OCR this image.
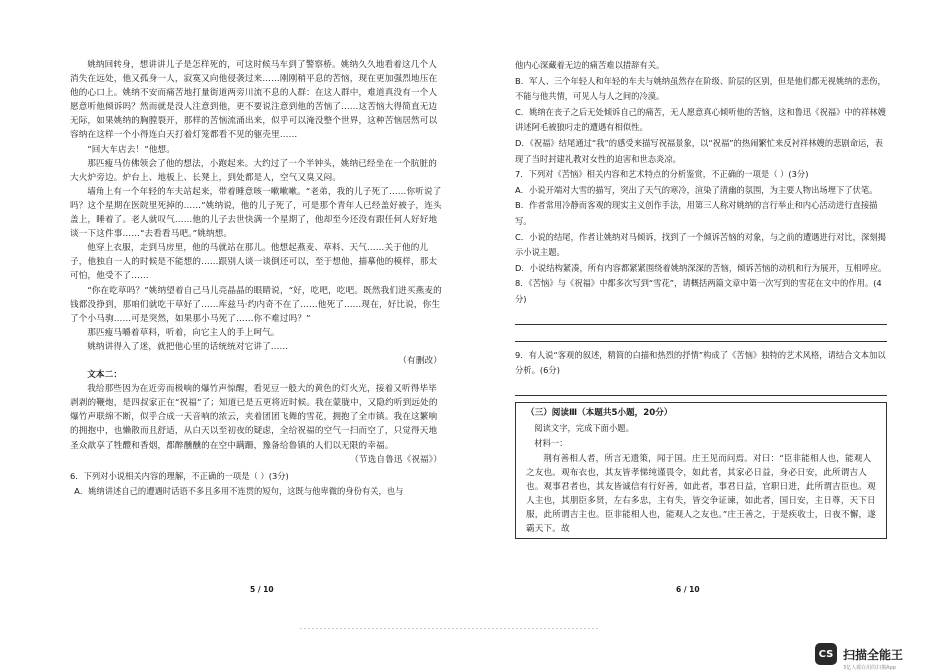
姚纳回转身，想讲讲儿子是怎样死的，可这时候马车到了警察桥。姚纳久久地看着这几个人消失在远处，他又孤身一人，寂寞又向他侵袭过来……刚刚稍平息的苦恼，现在更加强烈地压在他的心口上。姚纳不安而痛苦地打量街道两旁川流不息的人群：在这人群中，难道真没有一个人愿意听他倾诉吗？然而就是没人注意到他，更不要说注意到他的苦恼了……这苦恼大得简直无边无际，如果姚纳的胸膛裂开，那样的苦恼流涌出来，似乎可以淹没整个世界，这种苦恼居然可以容纳在这样一个小得连白天打着灯笼都看不见的躯壳里……

“回大车店去！”他想。

那匹瘦马仿佛领会了他的想法，小跑起来。大约过了一个半钟头，姚纳已经坐在一个肮脏的大火炉旁边。炉台上、地板上、长凳上，到处都是人，空气又臭又闷。

墙角上有一个年轻的车夫站起来，带着睡意咳一嗽嗽嗽。“老弟，我的儿子死了……你听说了吗？这个星期在医院里死掉的……”姚纳说，他的儿子死了，可是那个青年人已经盖好被子，连头盖上，睡着了。老人就叹气……他的儿子去世快满一个星期了，他却至今还没有跟任何人好好地谈一下这件事……“去看看马吧。”姚纳想。

他穿上衣服，走到马房里，他的马就站在那儿。他想起燕麦、草料、天气……关于他的儿子，他独自一人的时候是不能想的……跟别人谈一谈倒还可以，至于想他，描摹他的模样，那太可怕，他受不了……

“你在吃草吗？”姚纳望着自己马儿亮晶晶的眼睛说，“好，吃吧，吃吧。既然我们进买燕麦的钱都没挣到，那咱们就吃干草好了……库兹马·约内奇不在了……他死了……现在，好比说，你生了个小马驹……可是突然，如果那小马死了……你不难过吗？”

那匹瘦马嚼着草料，听着，向它主人的手上呵气。

姚纳讲得入了迷，就把他心里的话统统对它讲了……

（有删改）

文本二：

我给那些因为在近旁而极响的爆竹声惊醒，看见豆一般大的黄色的灯火光，接着又听得毕毕剥剥的鞭炮，是四叔家正在“祝福”了；知道已是五更将近时候。我在蒙胧中，又隐约听到远处的爆竹声联绵不断，似乎合成一天音响的浓云，夹着团团飞舞的雪花，拥抱了全市镇。我在这繁响的拥抱中，也懒散而且舒适，从白天以至初夜的疑虑，全给祝福的空气一扫而空了，只觉得天地圣众歆享了牲醴和香烟，都醉醺醺的在空中蹒跚，豫备给鲁镇的人们以无限的幸福。

（节选自鲁迅《祝福》）

6．下列对小说相关内容的理解，不正确的一项是（ ）(3分)

A．姚纳讲述自己的遭遇时话语不多且多用不连贯的短句，这既与他卑微的身份有关，也与

5 / 10

他内心深藏着无边的痛苦难以措辞有关。

B．军人、三个年轻人和年轻的车夫与姚纳虽然存在阶级、阶层的区别，但是他们都无视姚纳的悲伤，不能与他共情，可见人与人之间的冷漠。

C．姚纳在丧子之后无处倾诉自己的痛苦，无人愿意真心倾听他的苦恼，这和鲁迅《祝福》中的祥林嫂讲述阿毛被狼叼走的遭遇有相似性。

D．《祝福》结尾通过“我”的感受来描写祝福景象，以“祝福”的热闹繁忙来反衬祥林嫂的悲剧命运，表现了当时封建礼教对女性的迫害和世态炎凉。

7．下列对《苦恼》相关内容和艺术特点的分析鉴赏，不正确的一项是（ ）(3分)

A．小说开端对大雪的描写，突出了天气的寒冷，渲染了清幽的氛围，为主要人物出场埋下了伏笔。

B．作者常用冷静而客观的现实主义创作手法，用第三人称对姚纳的言行举止和内心活动进行直接描写。

C．小说的结尾，作者让姚纳对马倾诉，找到了一个倾诉苦恼的对象，与之前的遭遇进行对比，深刻揭示小说主题。

D．小说结构紧凑，所有内容都紧紧围绕着姚纳深深的苦恼，倾诉苦恼的动机和行为展开，互相呼应。

8．《苦恼》与《祝福》中都多次写到“雪花”，请概括两篇文章中第一次写到的雪花在文中的作用。(4分)

9．有人说“客观的叙述，精简的白描和热烈的抒情”构成了《苦恼》独特的艺术风格，请结合文本加以分析。(6分)

（三）阅读Ⅲ（本题共5小题，20分）

阅读文字，完成下面小题。

材料一：

荆有善相人者，所言无遗策，闻于国。庄王见而问焉。对曰：“臣非能相人也，能观人之友也。观布衣也，其友皆孝悌纯谨畏令，如此者，其家必日益，身必日安，此所谓吉人也。观事君者也，其友皆诚信有行好善，如此者，事君日益，官职日进，此所谓吉臣也。观人主也，其朋臣多贤，左右多忠，主有失，皆交争证谏，如此者，国日安，主日尊，天下日服，此所谓吉主也。臣非能相人也，能观人之友也。”庄王善之，于是疾收士，日夜不懈，遂霸天下。故

6 / 10
CS 扫描全能王
3亿人都在用的扫描App
